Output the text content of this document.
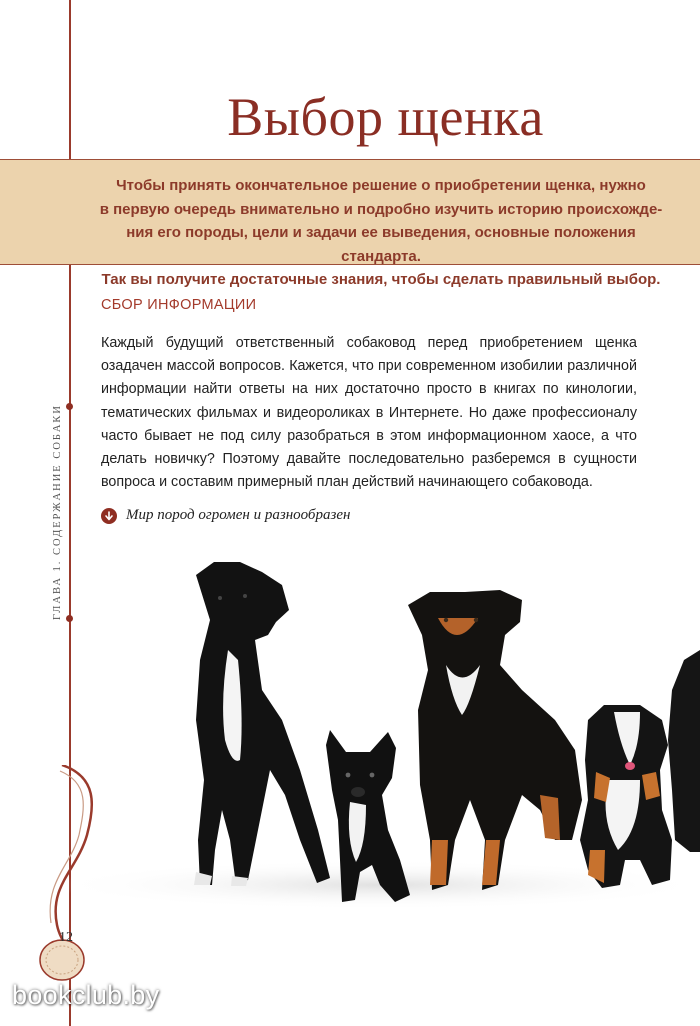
ГЛАВА 1. СОДЕРЖАНИЕ СОБАКИ
Выбор щенка
Чтобы принять окончательное решение о приобретении щенка, нужно
в первую очередь внимательно и подробно изучить историю происхожде-
ния его породы, цели и задачи ее выведения, основные положения стандарта.
Так вы получите достаточные знания, чтобы сделать правильный выбор.
СБОР ИНФОРМАЦИИ
Каждый будущий ответственный собаковод перед приобретением щенка озадачен массой вопросов. Кажется, что при современном изобилии различной информации найти ответы на них достаточно просто в книгах по кинологии, тематических фильмах и видеороликах в Интернете. Но даже профессионалу часто бывает не под силу разобраться в этом информационном хаосе, а что делать новичку? Поэтому давайте последовательно разберемся в сущности вопроса и составим примерный план действий начинающего собаковода.
Мир пород огромен и разнообразен
12
bookclub.by
